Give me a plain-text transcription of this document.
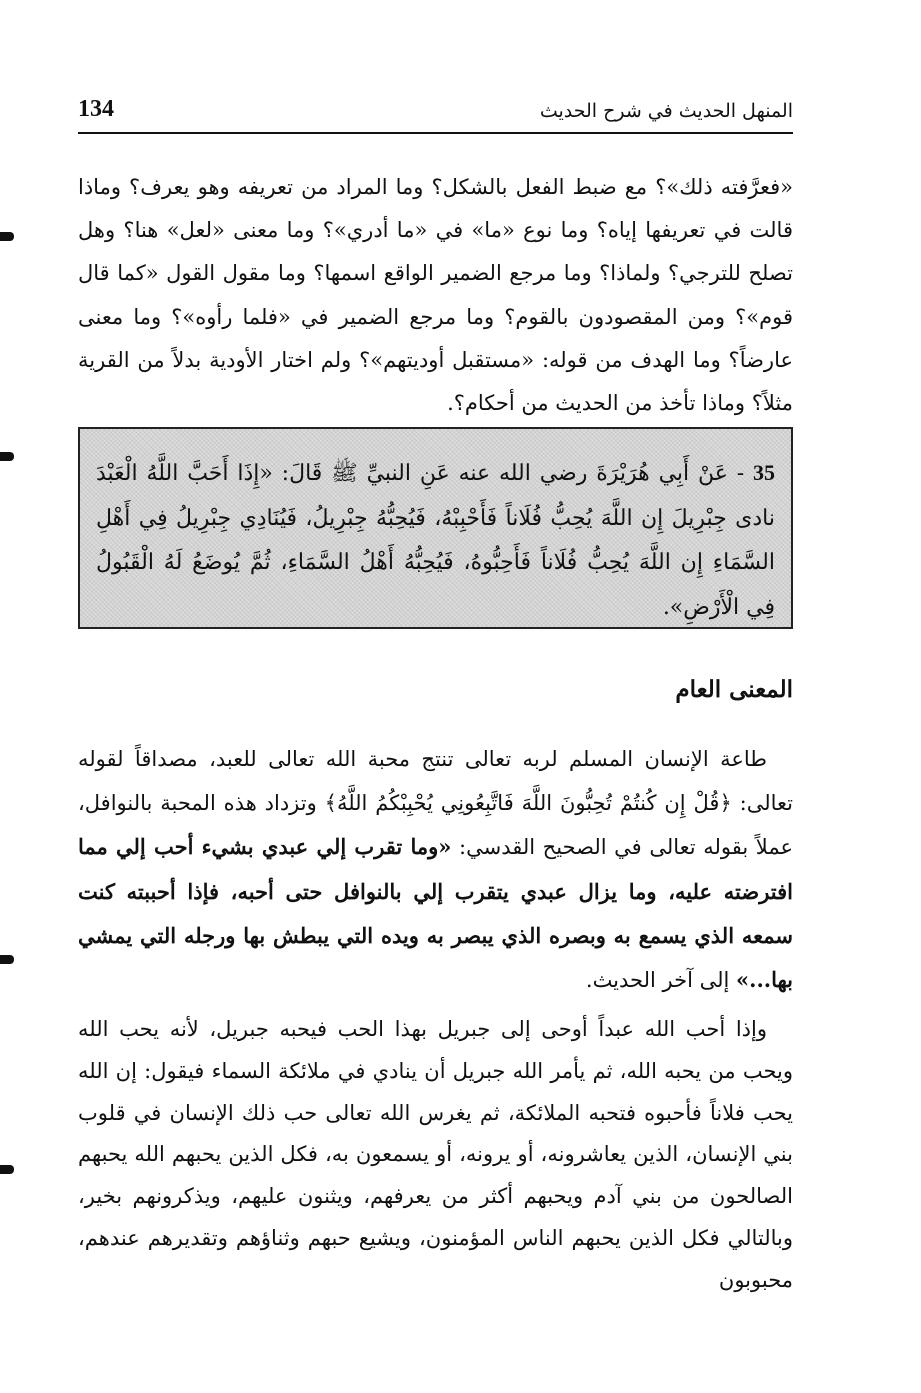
المنهل الحديث في شرح الحديث
134
«فعرَّفته ذلك»؟ مع ضبط الفعل بالشكل؟ وما المراد من تعريفه وهو يعرف؟ وماذا قالت في تعريفها إياه؟ وما نوع «ما» في «ما أدري»؟ وما معنى «لعل» هنا؟ وهل تصلح للترجي؟ ولماذا؟ وما مرجع الضمير الواقع اسمها؟ وما مقول القول «كما قال قوم»؟ ومن المقصودون بالقوم؟ وما مرجع الضمير في «فلما رأوه»؟ وما معنى عارضاً؟ وما الهدف من قوله: «مستقبل أوديتهم»؟ ولم اختار الأودية بدلاً من القرية مثلاً؟ وماذا تأخذ من الحديث من أحكام؟.
35 - عَنْ أَبِي هُرَيْرَةَ رضي الله عنه عَنِ النبيِّ ﷺ قَالَ: «إِذَا أَحَبَّ اللَّهُ الْعَبْدَ نادى جِبْرِيلَ إِن اللَّهَ يُحِبُّ فُلَاناً فَأَحْبِبْهُ، فَيُحِبُّهُ جِبْرِيلُ، فَيُنَادِي جِبْرِيلُ فِي أَهْلِ السَّمَاءِ إِن اللَّهَ يُحِبُّ فُلَاناً فَأَحِبُّوهُ، فَيُحِبُّهُ أَهْلُ السَّمَاءِ، ثُمَّ يُوضَعُ لَهُ الْقَبُولُ فِي الْأَرْضِ».
المعنى العام
طاعة الإنسان المسلم لربه تعالى تنتج محبة الله تعالى للعبد، مصداقاً لقوله تعالى: ﴿قُلْ إِن كُنتُمْ تُحِبُّونَ اللَّهَ فَاتَّبِعُونِي يُحْبِبْكُمُ اللَّهُ﴾ وتزداد هذه المحبة بالنوافل، عملاً بقوله تعالى في الصحيح القدسي: «وما تقرب إلي عبدي بشيء أحب إلي مما افترضته عليه، وما يزال عبدي يتقرب إلي بالنوافل حتى أحبه، فإذا أحببته كنت سمعه الذي يسمع به وبصره الذي يبصر به ويده التي يبطش بها ورجله التي يمشي بها...» إلى آخر الحديث.
وإذا أحب الله عبداً أوحى إلى جبريل بهذا الحب فيحبه جبريل، لأنه يحب الله ويحب من يحبه الله، ثم يأمر الله جبريل أن ينادي في ملائكة السماء فيقول: إن الله يحب فلاناً فأحبوه فتحبه الملائكة، ثم يغرس الله تعالى حب ذلك الإنسان في قلوب بني الإنسان، الذين يعاشرونه، أو يرونه، أو يسمعون به، فكل الذين يحبهم الله يحبهم الصالحون من بني آدم ويحبهم أكثر من يعرفهم، ويثنون عليهم، ويذكرونهم بخير، وبالتالي فكل الذين يحبهم الناس المؤمنون، ويشيع حبهم وثناؤهم وتقديرهم عندهم، محبوبون
